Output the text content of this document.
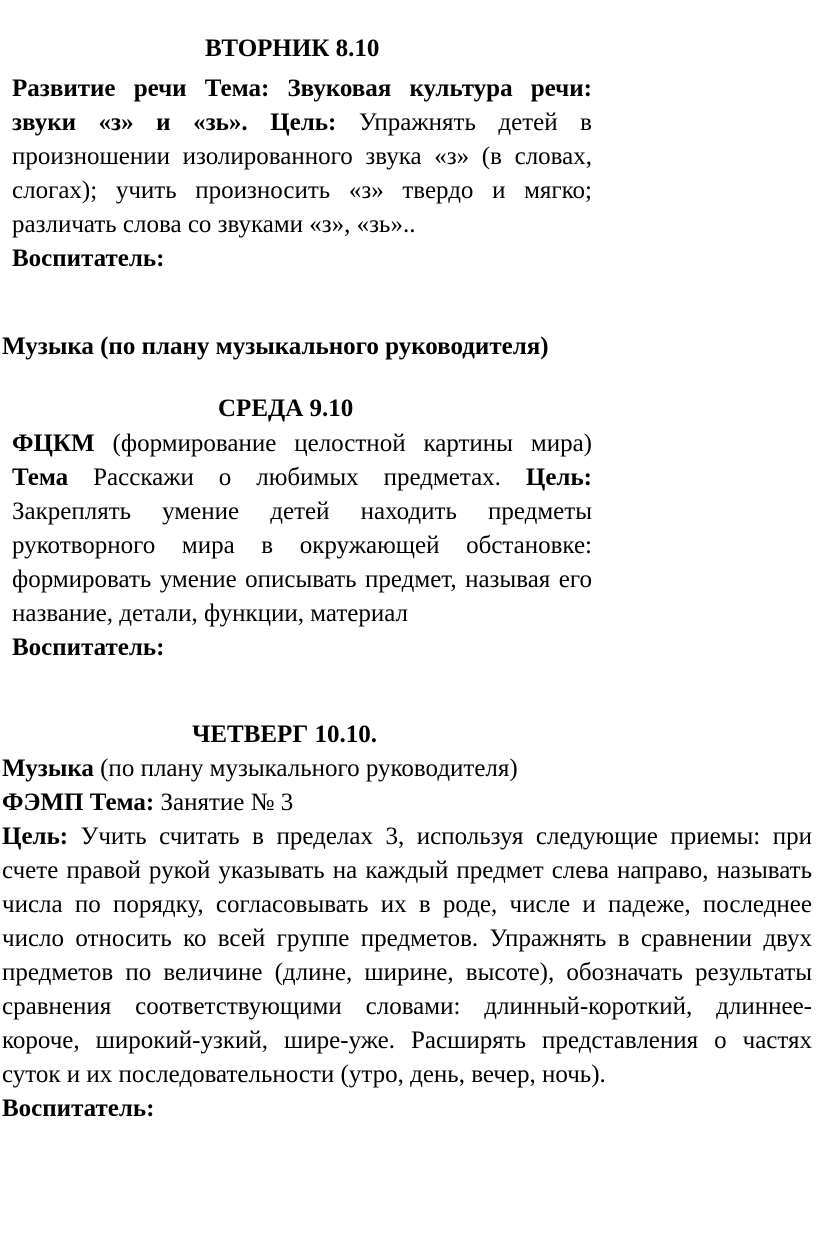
ВТОРНИК 8.10

Развитие речи Тема: Звуковая культура речи: звуки «з» и «зь». Цель: Упражнять детей в произношении изолированного звука «з» (в словах, слогах); учить произносить «з» твердо и мягко; различать слова со звуками «з», «зь»..

Воспитатель:

Музыка (по плану музыкального руководителя)
СРЕДА 9.10

ФЦКМ (формирование целостной картины мира) Тема Расскажи о любимых предметах. Цель: Закреплять умение детей находить предметы рукотворного мира в окружающей обстановке: формировать умение описывать предмет, называя его название, детали, функции, материал

Воспитатель:

ЧЕТВЕРГ 10.10.

Музыка (по плану музыкального руководителя)

ФЭМП Тема: Занятие № 3

Цель: Учить считать в пределах 3, используя следующие приемы: при счете правой рукой указывать на каждый предмет слева направо, называть числа по порядку, согласовывать их в роде, числе и падеже, последнее число относить ко всей группе предметов. Упражнять в сравнении двух предметов по величине (длине, ширине, высоте), обозначать результаты сравнения соответствующими словами: длинный-короткий, длиннее-короче, широкий-узкий, шире-уже. Расширять представления о частях суток и их последовательности (утро, день, вечер, ночь).

Воспитатель:
